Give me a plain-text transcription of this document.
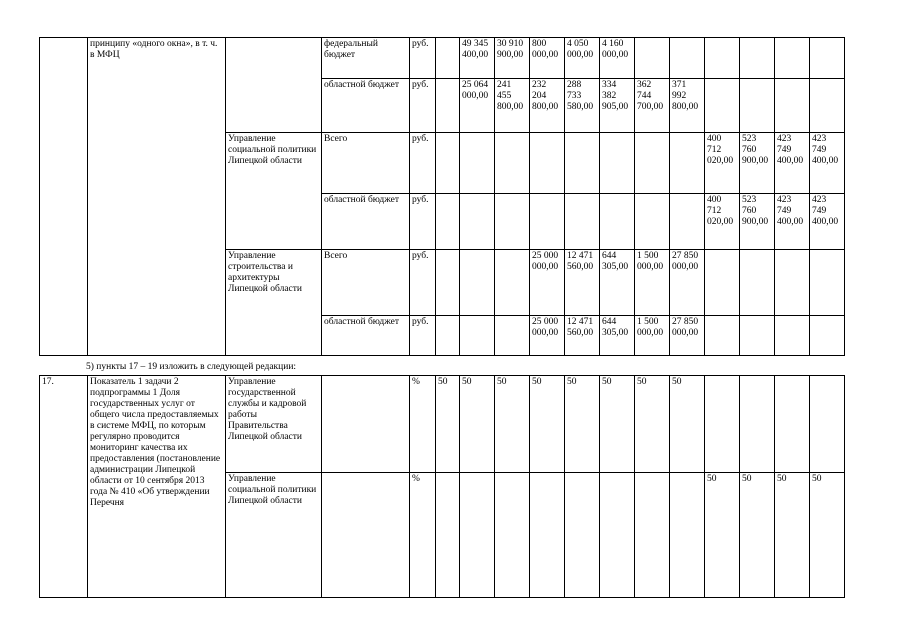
	принципу «одного окна», в т. ч. в МФЦ		федеральный бюджет	руб.		49 345 400,00	30 910 900,00	800 000,00	4 050 000,00	4 160 000,00						
			областной бюджет	руб.		25 064 000,00	241 455 800,00	232 204 800,00	288 733 580,00	334 382 905,00	362 744 700,00	371 992 800,00				
		Управление социальной политики Липецкой области	Всего	руб.									400 712 020,00	523 760 900,00	423 749 400,00	423 749 400,00
			областной бюджет	руб.									400 712 020,00	523 760 900,00	423 749 400,00	423 749 400,00
		Управление строительства и архитектуры Липецкой области	Всего	руб.				25 000 000,00	12 471 560,00	644 305,00	1 500 000,00	27 850 000,00				
			областной бюджет	руб.				25 000 000,00	12 471 560,00	644 305,00	1 500 000,00	27 850 000,00				
5) пункты 17 – 19 изложить в следующей редакции:
17.	Показатель 1 задачи 2 подпрограммы 1 Доля государственных услуг от общего числа предоставляемых в системе МФЦ, по которым регулярно проводится мониторинг качества их предоставления (постановление администрации Липецкой области от 10 сентября 2013 года № 410 «Об утверждении Перечня	Управление государственной службы и кадровой работы Правительства Липецкой области		%	50	50	50	50	50	50	50	50				
		Управление социальной политики Липецкой области		%									50	50	50	50
